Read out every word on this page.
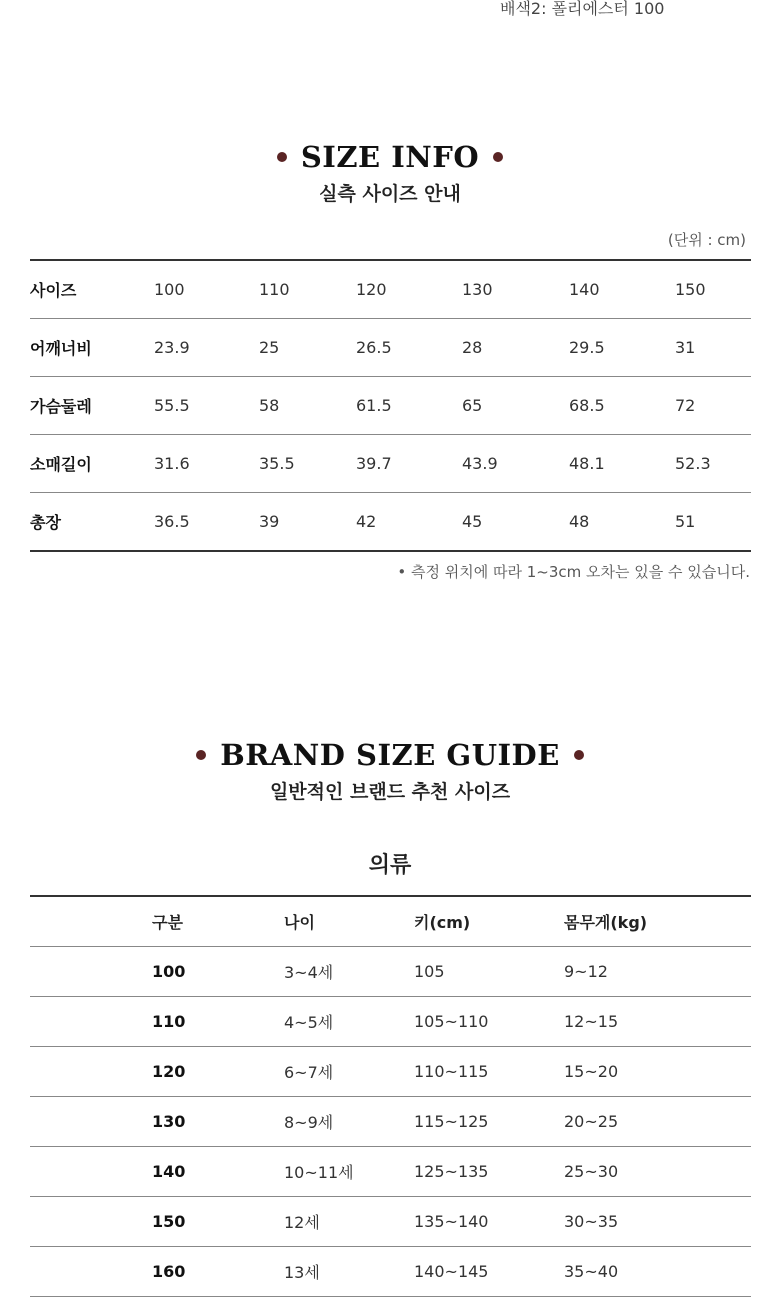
배색2: 폴리에스터 100
SIZE INFO
실측 사이즈 안내
(단위 : cm)
사이즈	100	110	120	130	140	150
어깨너비	23.9	25	26.5	28	29.5	31
가슴둘레	55.5	58	61.5	65	68.5	72
소매길이	31.6	35.5	39.7	43.9	48.1	52.3
총장	36.5	39	42	45	48	51
• 측정 위치에 따라 1~3cm 오차는 있을 수 있습니다.
BRAND SIZE GUIDE
일반적인 브랜드 추천 사이즈
의류
	구분	나이	키(cm)	몸무게(kg)
	100	3~4세	105	9~12
	110	4~5세	105~110	12~15
	120	6~7세	110~115	15~20
	130	8~9세	115~125	20~25
	140	10~11세	125~135	25~30
	150	12세	135~140	30~35
	160	13세	140~145	35~40
